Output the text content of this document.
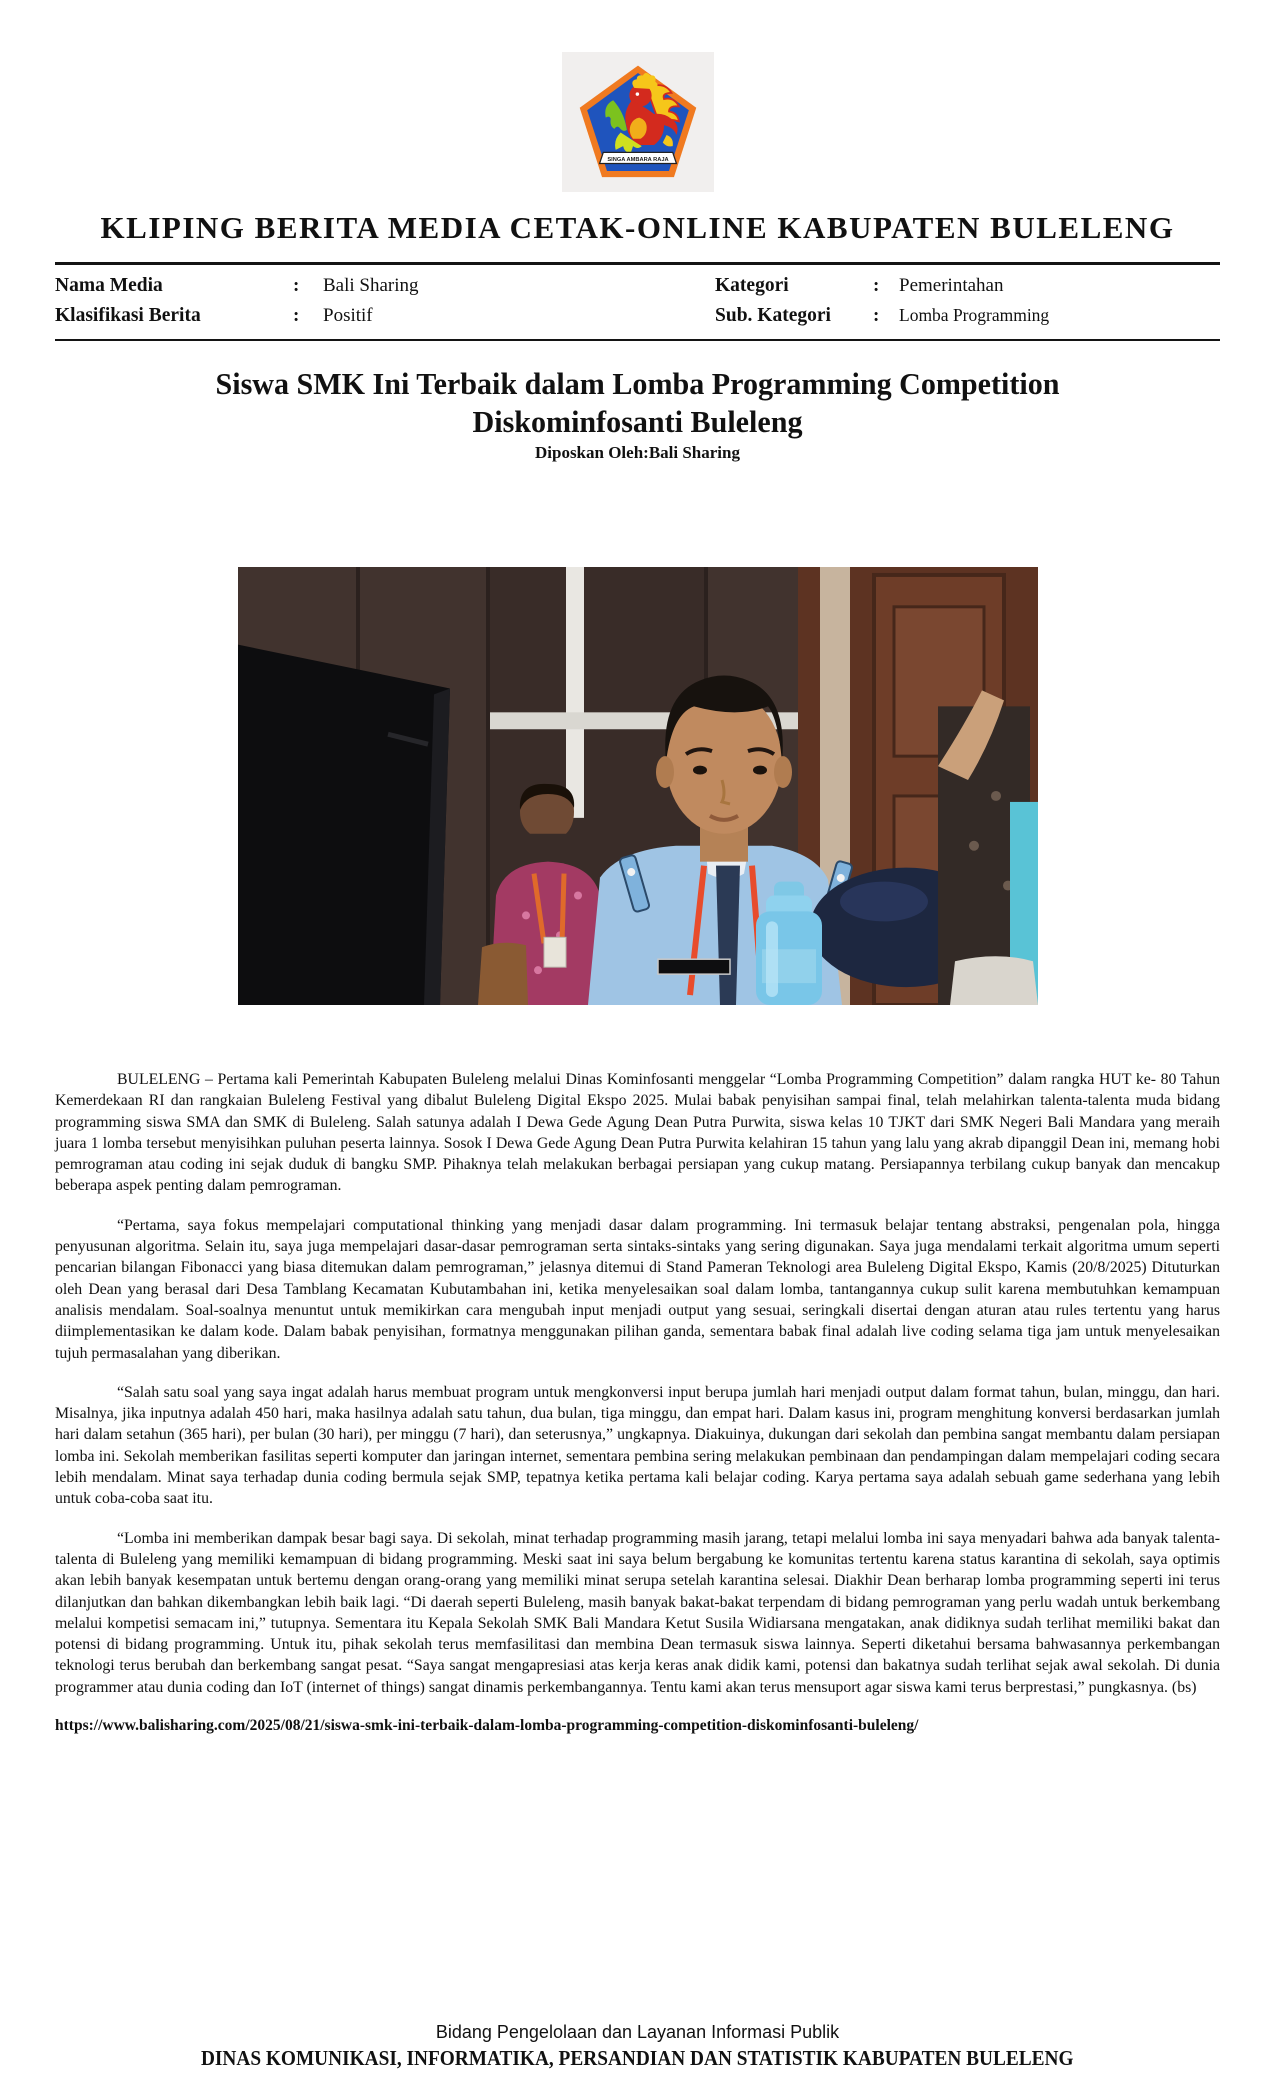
SINGA AMBARA RAJA
KLIPING BERITA MEDIA CETAK-ONLINE KABUPATEN BULELENG
Nama Media	:	Bali Sharing	Kategori	:	Pemerintahan
Klasifikasi Berita	:	Positif	Sub. Kategori	:	Lomba Programming
Siswa SMK Ini Terbaik dalam Lomba Programming Competition
Diskominfosanti Buleleng
Diposkan Oleh:Bali Sharing

BULELENG – Pertama kali Pemerintah Kabupaten Buleleng melalui Dinas Kominfosanti menggelar “Lomba Programming Competition” dalam rangka HUT ke- 80 Tahun Kemerdekaan RI dan rangkaian Buleleng Festival yang dibalut Buleleng Digital Ekspo 2025. Mulai babak penyisihan sampai final, telah melahirkan talenta-talenta muda bidang programming siswa SMA dan SMK di Buleleng. Salah satunya adalah I Dewa Gede Agung Dean Putra Purwita, siswa kelas 10 TJKT dari SMK Negeri Bali Mandara yang meraih juara 1 lomba tersebut menyisihkan puluhan peserta lainnya. Sosok I Dewa Gede Agung Dean Putra Purwita kelahiran 15 tahun yang lalu yang akrab dipanggil Dean ini, memang hobi pemrograman atau coding ini sejak duduk di bangku SMP. Pihaknya telah melakukan berbagai persiapan yang cukup matang. Persiapannya terbilang cukup banyak dan mencakup beberapa aspek penting dalam pemrograman.

“Pertama, saya fokus mempelajari computational thinking yang menjadi dasar dalam programming. Ini termasuk belajar tentang abstraksi, pengenalan pola, hingga penyusunan algoritma. Selain itu, saya juga mempelajari dasar-dasar pemrograman serta sintaks-sintaks yang sering digunakan. Saya juga mendalami terkait algoritma umum seperti pencarian bilangan Fibonacci yang biasa ditemukan dalam pemrograman,” jelasnya ditemui di Stand Pameran Teknologi area Buleleng Digital Ekspo, Kamis (20/8/2025) Dituturkan oleh Dean yang berasal dari Desa Tamblang Kecamatan Kubutambahan ini, ketika menyelesaikan soal dalam lomba, tantangannya cukup sulit karena membutuhkan kemampuan analisis mendalam. Soal-soalnya menuntut untuk memikirkan cara mengubah input menjadi output yang sesuai, seringkali disertai dengan aturan atau rules tertentu yang harus diimplementasikan ke dalam kode. Dalam babak penyisihan, formatnya menggunakan pilihan ganda, sementara babak final adalah live coding selama tiga jam untuk menyelesaikan tujuh permasalahan yang diberikan.

“Salah satu soal yang saya ingat adalah harus membuat program untuk mengkonversi input berupa jumlah hari menjadi output dalam format tahun, bulan, minggu, dan hari. Misalnya, jika inputnya adalah 450 hari, maka hasilnya adalah satu tahun, dua bulan, tiga minggu, dan empat hari. Dalam kasus ini, program menghitung konversi berdasarkan jumlah hari dalam setahun (365 hari), per bulan (30 hari), per minggu (7 hari), dan seterusnya,” ungkapnya. Diakuinya, dukungan dari sekolah dan pembina sangat membantu dalam persiapan lomba ini. Sekolah memberikan fasilitas seperti komputer dan jaringan internet, sementara pembina sering melakukan pembinaan dan pendampingan dalam mempelajari coding secara lebih mendalam. Minat saya terhadap dunia coding bermula sejak SMP, tepatnya ketika pertama kali belajar coding. Karya pertama saya adalah sebuah game sederhana yang lebih untuk coba-coba saat itu.

“Lomba ini memberikan dampak besar bagi saya. Di sekolah, minat terhadap programming masih jarang, tetapi melalui lomba ini saya menyadari bahwa ada banyak talenta-talenta di Buleleng yang memiliki kemampuan di bidang programming. Meski saat ini saya belum bergabung ke komunitas tertentu karena status karantina di sekolah, saya optimis akan lebih banyak kesempatan untuk bertemu dengan orang-orang yang memiliki minat serupa setelah karantina selesai. Diakhir Dean berharap lomba programming seperti ini terus dilanjutkan dan bahkan dikembangkan lebih baik lagi. “Di daerah seperti Buleleng, masih banyak bakat-bakat terpendam di bidang pemrograman yang perlu wadah untuk berkembang melalui kompetisi semacam ini,” tutupnya. Sementara itu Kepala Sekolah SMK Bali Mandara Ketut Susila Widiarsana mengatakan, anak didiknya sudah terlihat memiliki bakat dan potensi di bidang programming. Untuk itu, pihak sekolah terus memfasilitasi dan membina Dean termasuk siswa lainnya. Seperti diketahui bersama bahwasannya perkembangan teknologi terus berubah dan berkembang sangat pesat. “Saya sangat mengapresiasi atas kerja keras anak didik kami, potensi dan bakatnya sudah terlihat sejak awal sekolah. Di dunia programmer atau dunia coding dan IoT (internet of things) sangat dinamis perkembangannya. Tentu kami akan terus mensuport agar siswa kami terus berprestasi,” pungkasnya. (bs)

https://www.balisharing.com/2025/08/21/siswa-smk-ini-terbaik-dalam-lomba-programming-competition-diskominfosanti-buleleng/
Bidang Pengelolaan dan Layanan Informasi Publik
DINAS KOMUNIKASI, INFORMATIKA, PERSANDIAN DAN STATISTIK KABUPATEN BULELENG
